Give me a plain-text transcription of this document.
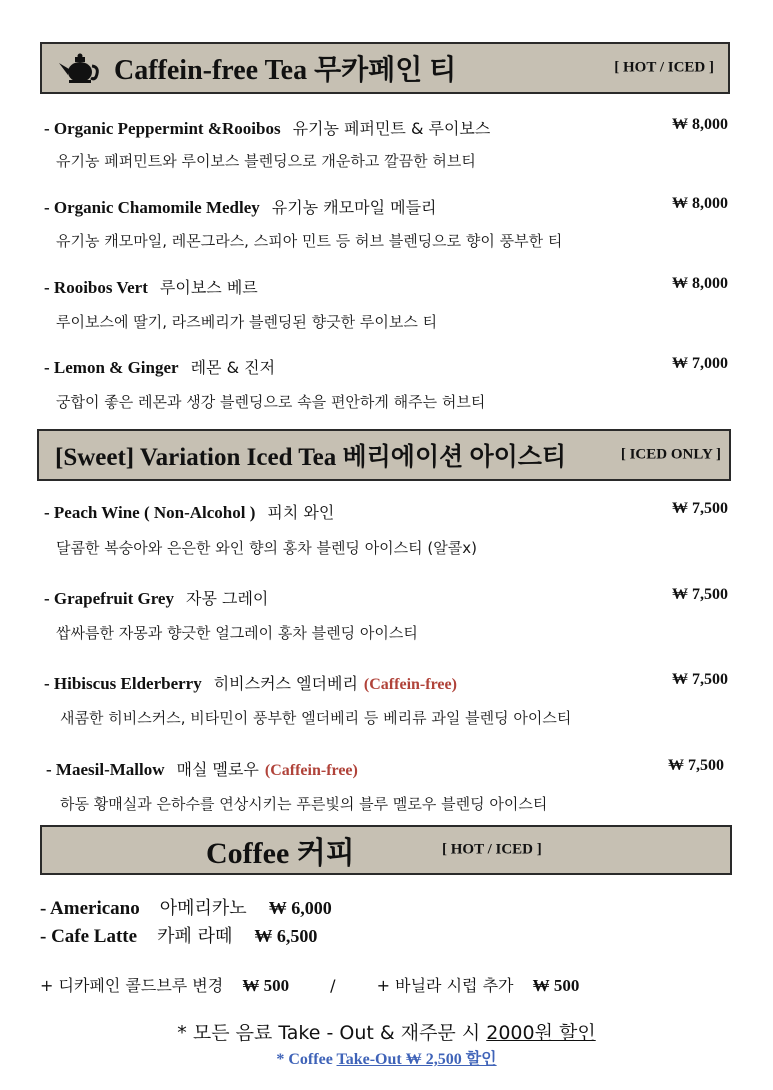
Caffein-free Tea 무카페인 티	[ HOT / ICED ]
- Organic Peppermint &Rooibos 유기농 페퍼민트 & 루이보스	₩ 8,000
유기농 페퍼민트와 루이보스 블렌딩으로 개운하고 깔끔한 허브티
- Organic Chamomile Medley 유기농 캐모마일 메들리	₩ 8,000
유기농 캐모마일, 레몬그라스, 스피아 민트 등 허브 블렌딩으로 향이 풍부한 티
- Rooibos Vert 루이보스 베르	₩ 8,000
루이보스에 딸기, 라즈베리가 블렌딩된 향긋한 루이보스 티
- Lemon & Ginger 레몬 & 진저	₩ 7,000
궁합이 좋은 레몬과 생강 블렌딩으로 속을 편안하게 해주는 허브티
[Sweet] Variation Iced Tea 베리에이션 아이스티	[ ICED ONLY ]
- Peach Wine ( Non-Alcohol ) 피치 와인	₩ 7,500
달콤한 복숭아와 은은한 와인 향의 홍차 블렌딩 아이스티 (알콜x)
- Grapefruit Grey 자몽 그레이	₩ 7,500
쌉싸름한 자몽과 향긋한 얼그레이 홍차 블렌딩 아이스티
- Hibiscus Elderberry 히비스커스 엘더베리 (Caffein-free)	₩ 7,500
새콤한 히비스커스, 비타민이 풍부한 엘더베리 등 베리류 과일 블렌딩 아이스티
- Maesil-Mallow 매실 멜로우 (Caffein-free)	₩ 7,500
하동 황매실과 은하수를 연상시키는 푸른빛의 블루 멜로우 블렌딩 아이스티
Coffee 커피	[ HOT / ICED ]
- Americano 아메리카노 ₩ 6,000
- Cafe Latte 카페 라떼 ₩ 6,500
+ 디카페인 콜드브루 변경 ₩ 500	/	+ 바닐라 시럽 추가 ₩ 500
* 모든 음료 Take - Out & 재주문 시 2000원 할인
* Coffee Take-Out ₩ 2,500 할인
